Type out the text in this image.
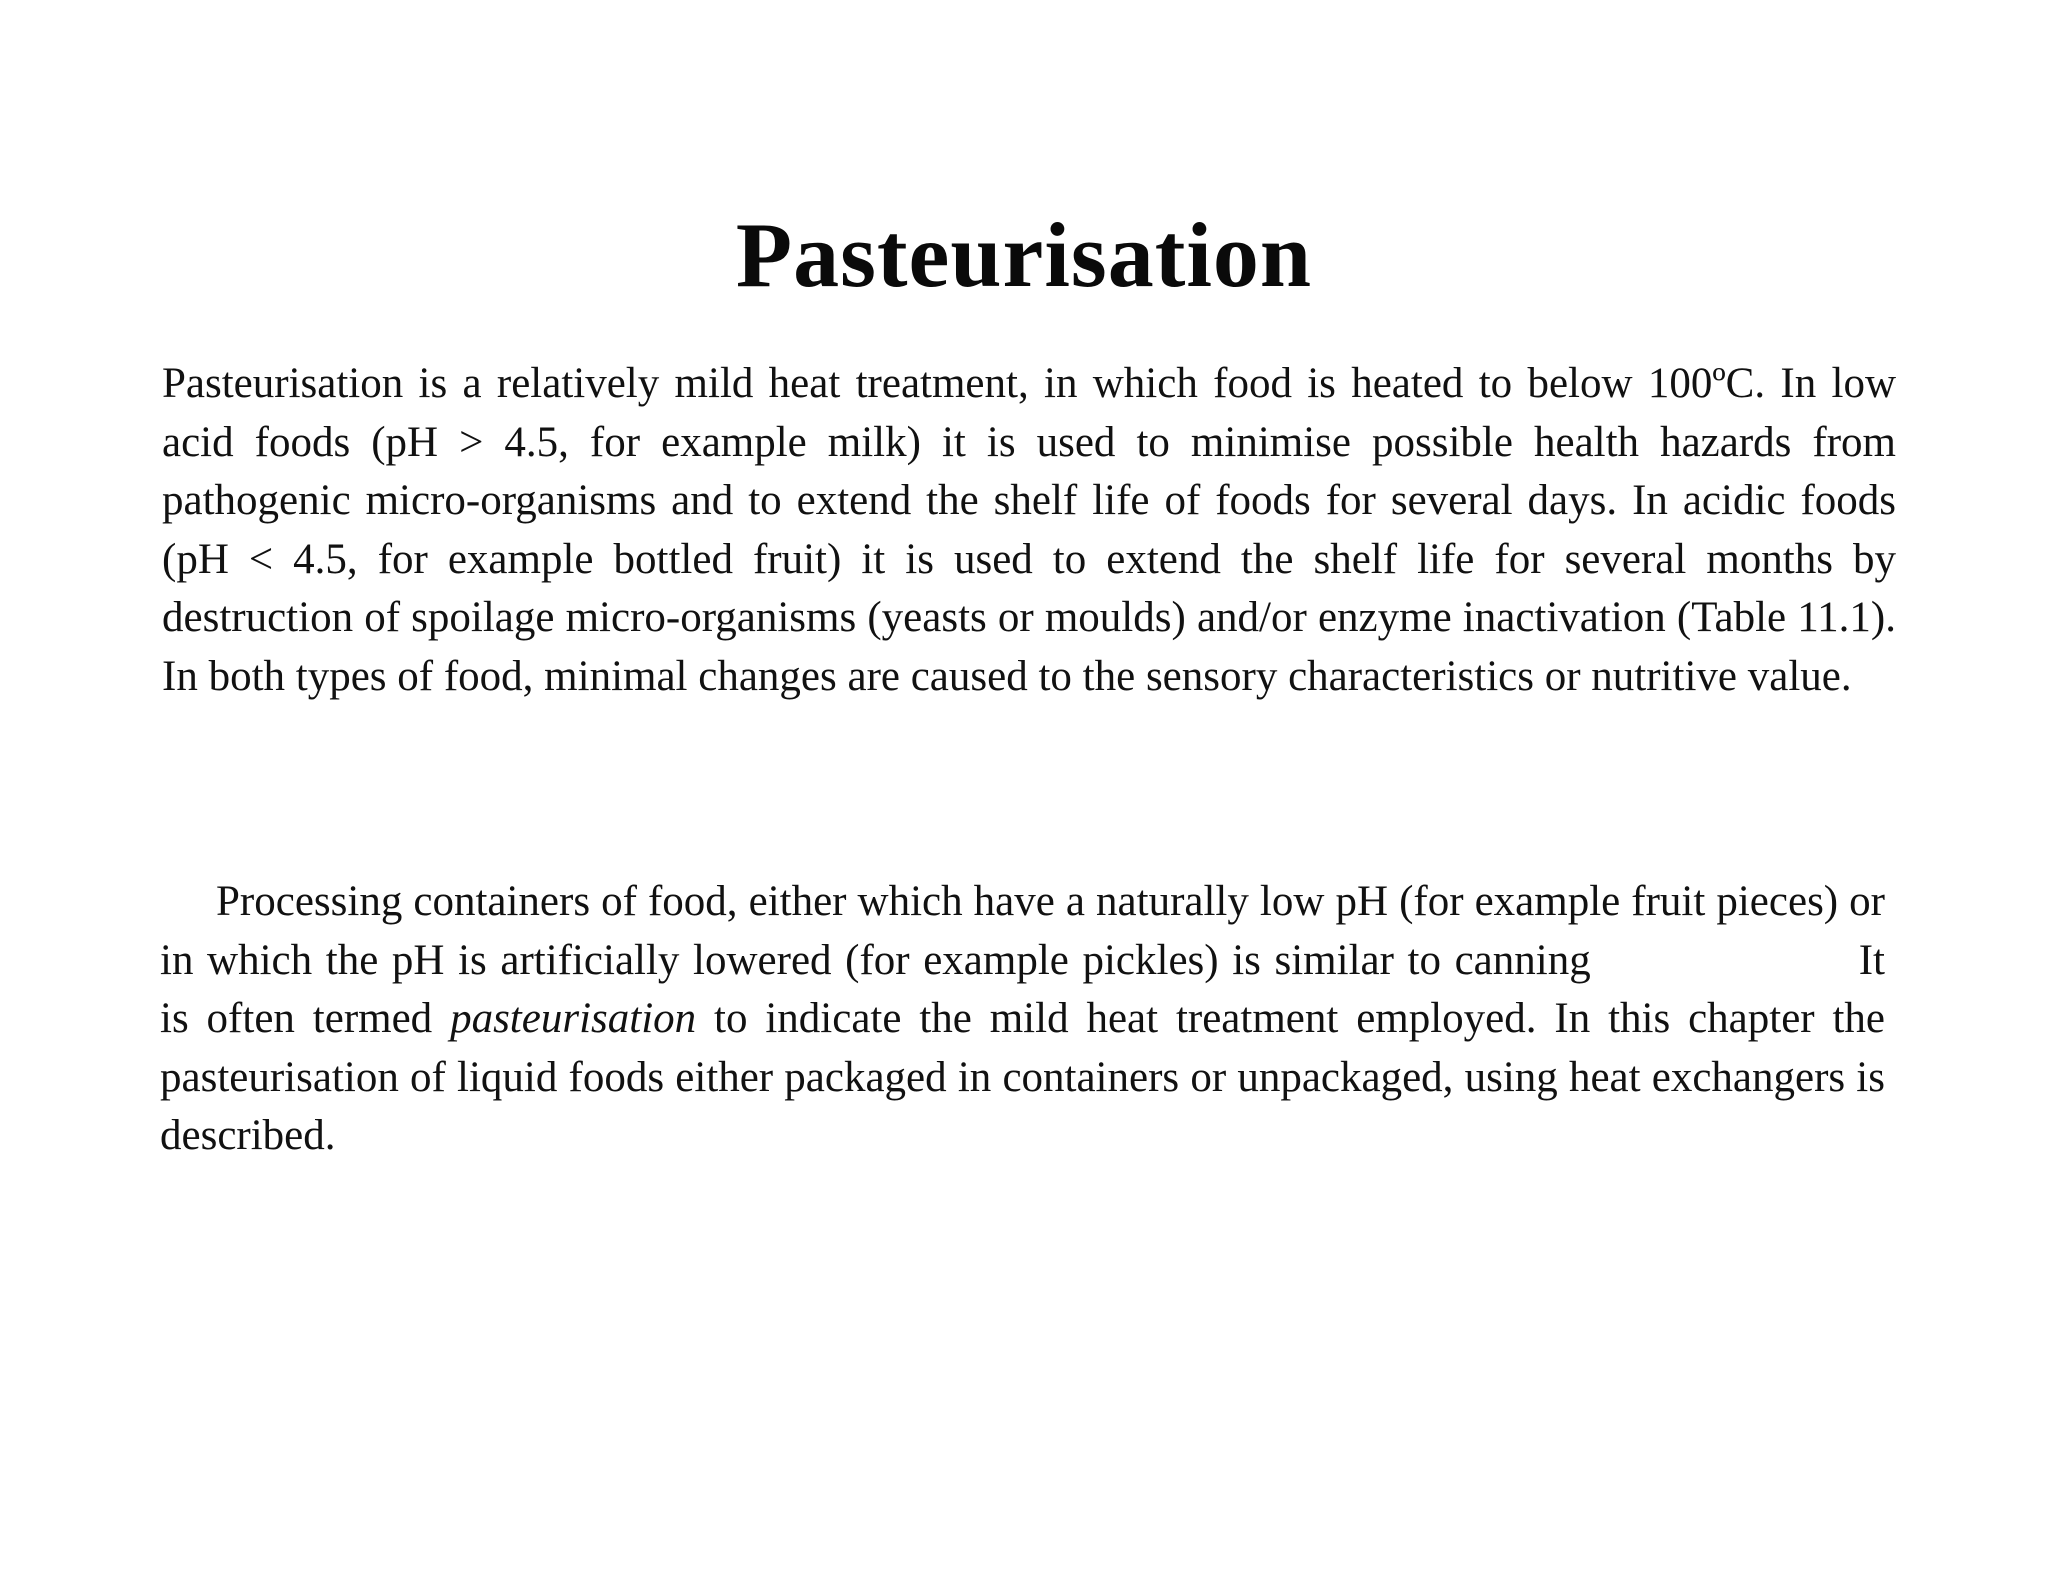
Pasteurisation

Pasteurisation is a relatively mild heat treatment, in which food is heated to below 100ºC. In low acid foods (pH > 4.5, for example milk) it is used to minimise possible health hazards from pathogenic micro-organisms and to extend the shelf life of foods for several days. In acidic foods (pH < 4.5, for example bottled fruit) it is used to extend the shelf life for several months by destruction of spoilage micro-organisms (yeasts or moulds) and/or enzyme inactivation (Table 11.1). In both types of food, minimal changes are caused to the sensory characteristics or nutritive value.

Processing containers of food, either which have a naturally low pH (for example fruit pieces) or in which the pH is artificially lowered (for example pickles) is similar to canning	It is often termed pasteurisation to indicate the mild heat treatment employed. In this chapter the pasteurisation of liquid foods either packaged in containers or unpackaged, using heat exchangers is described.
